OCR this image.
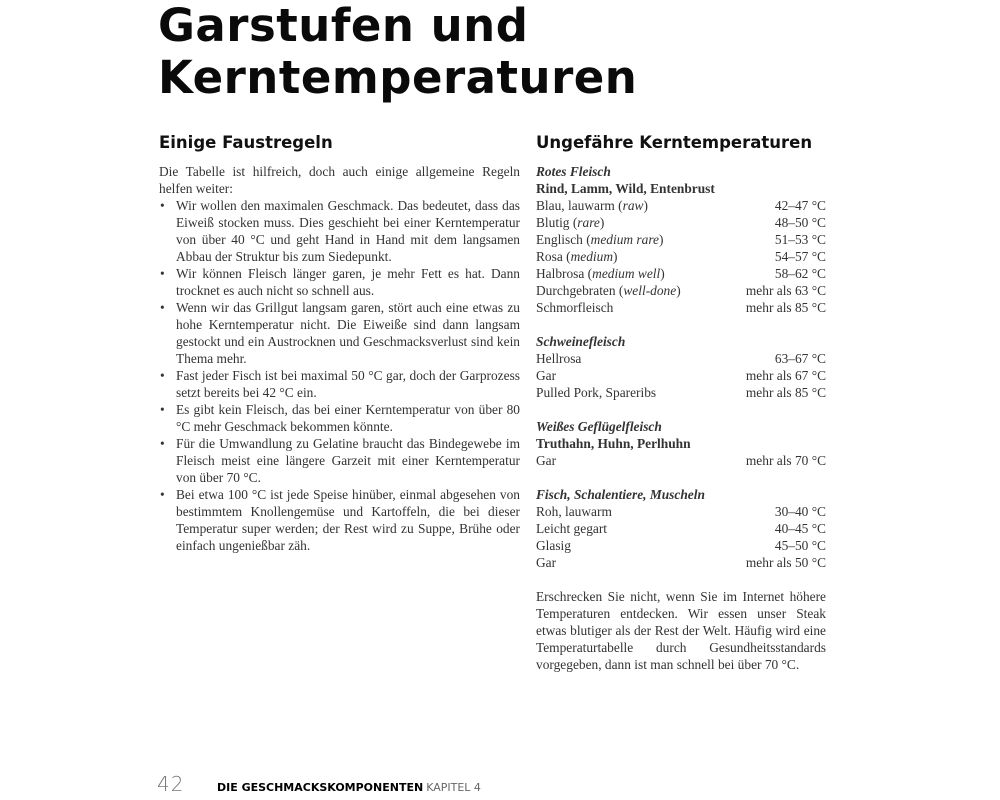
Garstufen und
Kerntemperaturen
Einige Faustregeln

Die Tabelle ist hilfreich, doch auch einige allgemeine Regeln helfen weiter:

• Wir wollen den maximalen Geschmack. Das bedeutet, dass das Eiweiß stocken muss. Dies geschieht bei einer Kerntemperatur von über 40 °C und geht Hand in Hand mit dem langsamen Abbau der Struktur bis zum Siedepunkt.
• Wir können Fleisch länger garen, je mehr Fett es hat. Dann trocknet es auch nicht so schnell aus.
• Wenn wir das Grillgut langsam garen, stört auch eine etwas zu hohe Kerntemperatur nicht. Die Eiweiße sind dann langsam gestockt und ein Austrocknen und Geschmacksverlust sind kein Thema mehr.
• Fast jeder Fisch ist bei maximal 50 °C gar, doch der Garprozess setzt bereits bei 42 °C ein.
• Es gibt kein Fleisch, das bei einer Kerntemperatur von über 80 °C mehr Geschmack bekommen könnte.
• Für die Umwandlung zu Gelatine braucht das Bindegewebe im Fleisch meist eine längere Garzeit mit einer Kerntemperatur von über 70 °C.
• Bei etwa 100 °C ist jede Speise hinüber, einmal abgesehen von bestimmtem Knollengemüse und Kartoffeln, die bei dieser Temperatur super werden; der Rest wird zu Suppe, Brühe oder einfach ungenießbar zäh.
Ungefähre Kerntemperaturen
Rotes Fleisch
Rind, Lamm, Wild, Entenbrust
Blau, lauwarm (raw)	42–47 °C
Blutig (rare)	48–50 °C
Englisch (medium rare)	51–53 °C
Rosa (medium)	54–57 °C
Halbrosa (medium well)	58–62 °C
Durchgebraten (well-done)	mehr als 63 °C
Schmorfleisch	mehr als 85 °C
Schweinefleisch
Hellrosa	63–67 °C
Gar	mehr als 67 °C
Pulled Pork, Spareribs	mehr als 85 °C
Weißes Geflügelfleisch
Truthahn, Huhn, Perlhuhn
Gar	mehr als 70 °C
Fisch, Schalentiere, Muscheln
Roh, lauwarm	30–40 °C
Leicht gegart	40–45 °C
Glasig	45–50 °C
Gar	mehr als 50 °C

Erschrecken Sie nicht, wenn Sie im Internet höhere Temperaturen entdecken. Wir essen unser Steak etwas blutiger als der Rest der Welt. Häufig wird eine Temperaturtabelle durch Gesundheitsstandards vorgegeben, dann ist man schnell bei über 70 °C.

42	DIE GESCHMACKSKOMPONENTEN KAPITEL 4
